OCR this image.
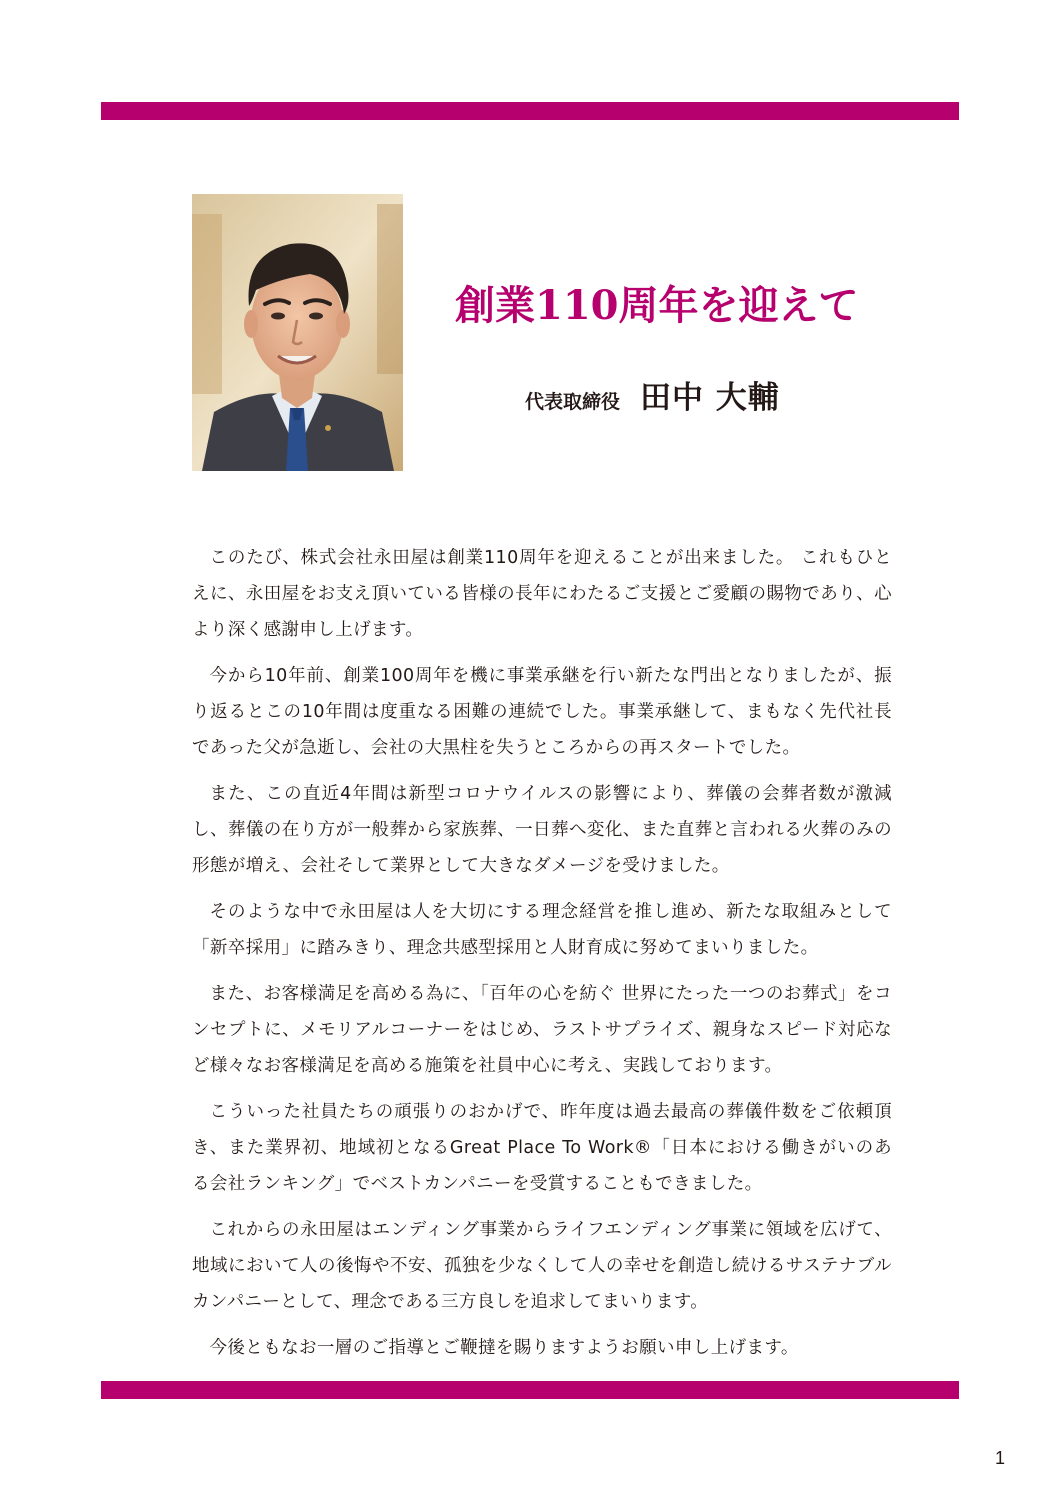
創業110周年を迎えて
代表取締役 田中 大輔

このたび、株式会社永田屋は創業110周年を迎えることが出来ました。 これもひとえに、永田屋をお支え頂いている皆様の長年にわたるご支援とご愛顧の賜物であり、心より深く感謝申し上げます。

今から10年前、創業100周年を機に事業承継を行い新たな門出となりましたが、振り返るとこの10年間は度重なる困難の連続でした。事業承継して、まもなく先代社長であった父が急逝し、会社の大黒柱を失うところからの再スタートでした。

また、この直近4年間は新型コロナウイルスの影響により、葬儀の会葬者数が激減し、葬儀の在り方が一般葬から家族葬、一日葬へ変化、また直葬と言われる火葬のみの形態が増え、会社そして業界として大きなダメージを受けました。

そのような中で永田屋は人を大切にする理念経営を推し進め、新たな取組みとして「新卒採用」に踏みきり、理念共感型採用と人財育成に努めてまいりました。

また、お客様満足を高める為に、「百年の心を紡ぐ 世界にたった一つのお葬式」をコンセプトに、メモリアルコーナーをはじめ、ラストサプライズ、親身なスピード対応など様々なお客様満足を高める施策を社員中心に考え、実践しております。

こういった社員たちの頑張りのおかげで、昨年度は過去最高の葬儀件数をご依頼頂き、また業界初、地域初となるGreat Place To Work®「日本における働きがいのある会社ランキング」でベストカンパニーを受賞することもできました。

これからの永田屋はエンディング事業からライフエンディング事業に領域を広げて、地域において人の後悔や不安、孤独を少なくして人の幸せを創造し続けるサステナブルカンパニーとして、理念である三方良しを追求してまいります。

今後ともなお一層のご指導とご鞭撻を賜りますようお願い申し上げます。

1
